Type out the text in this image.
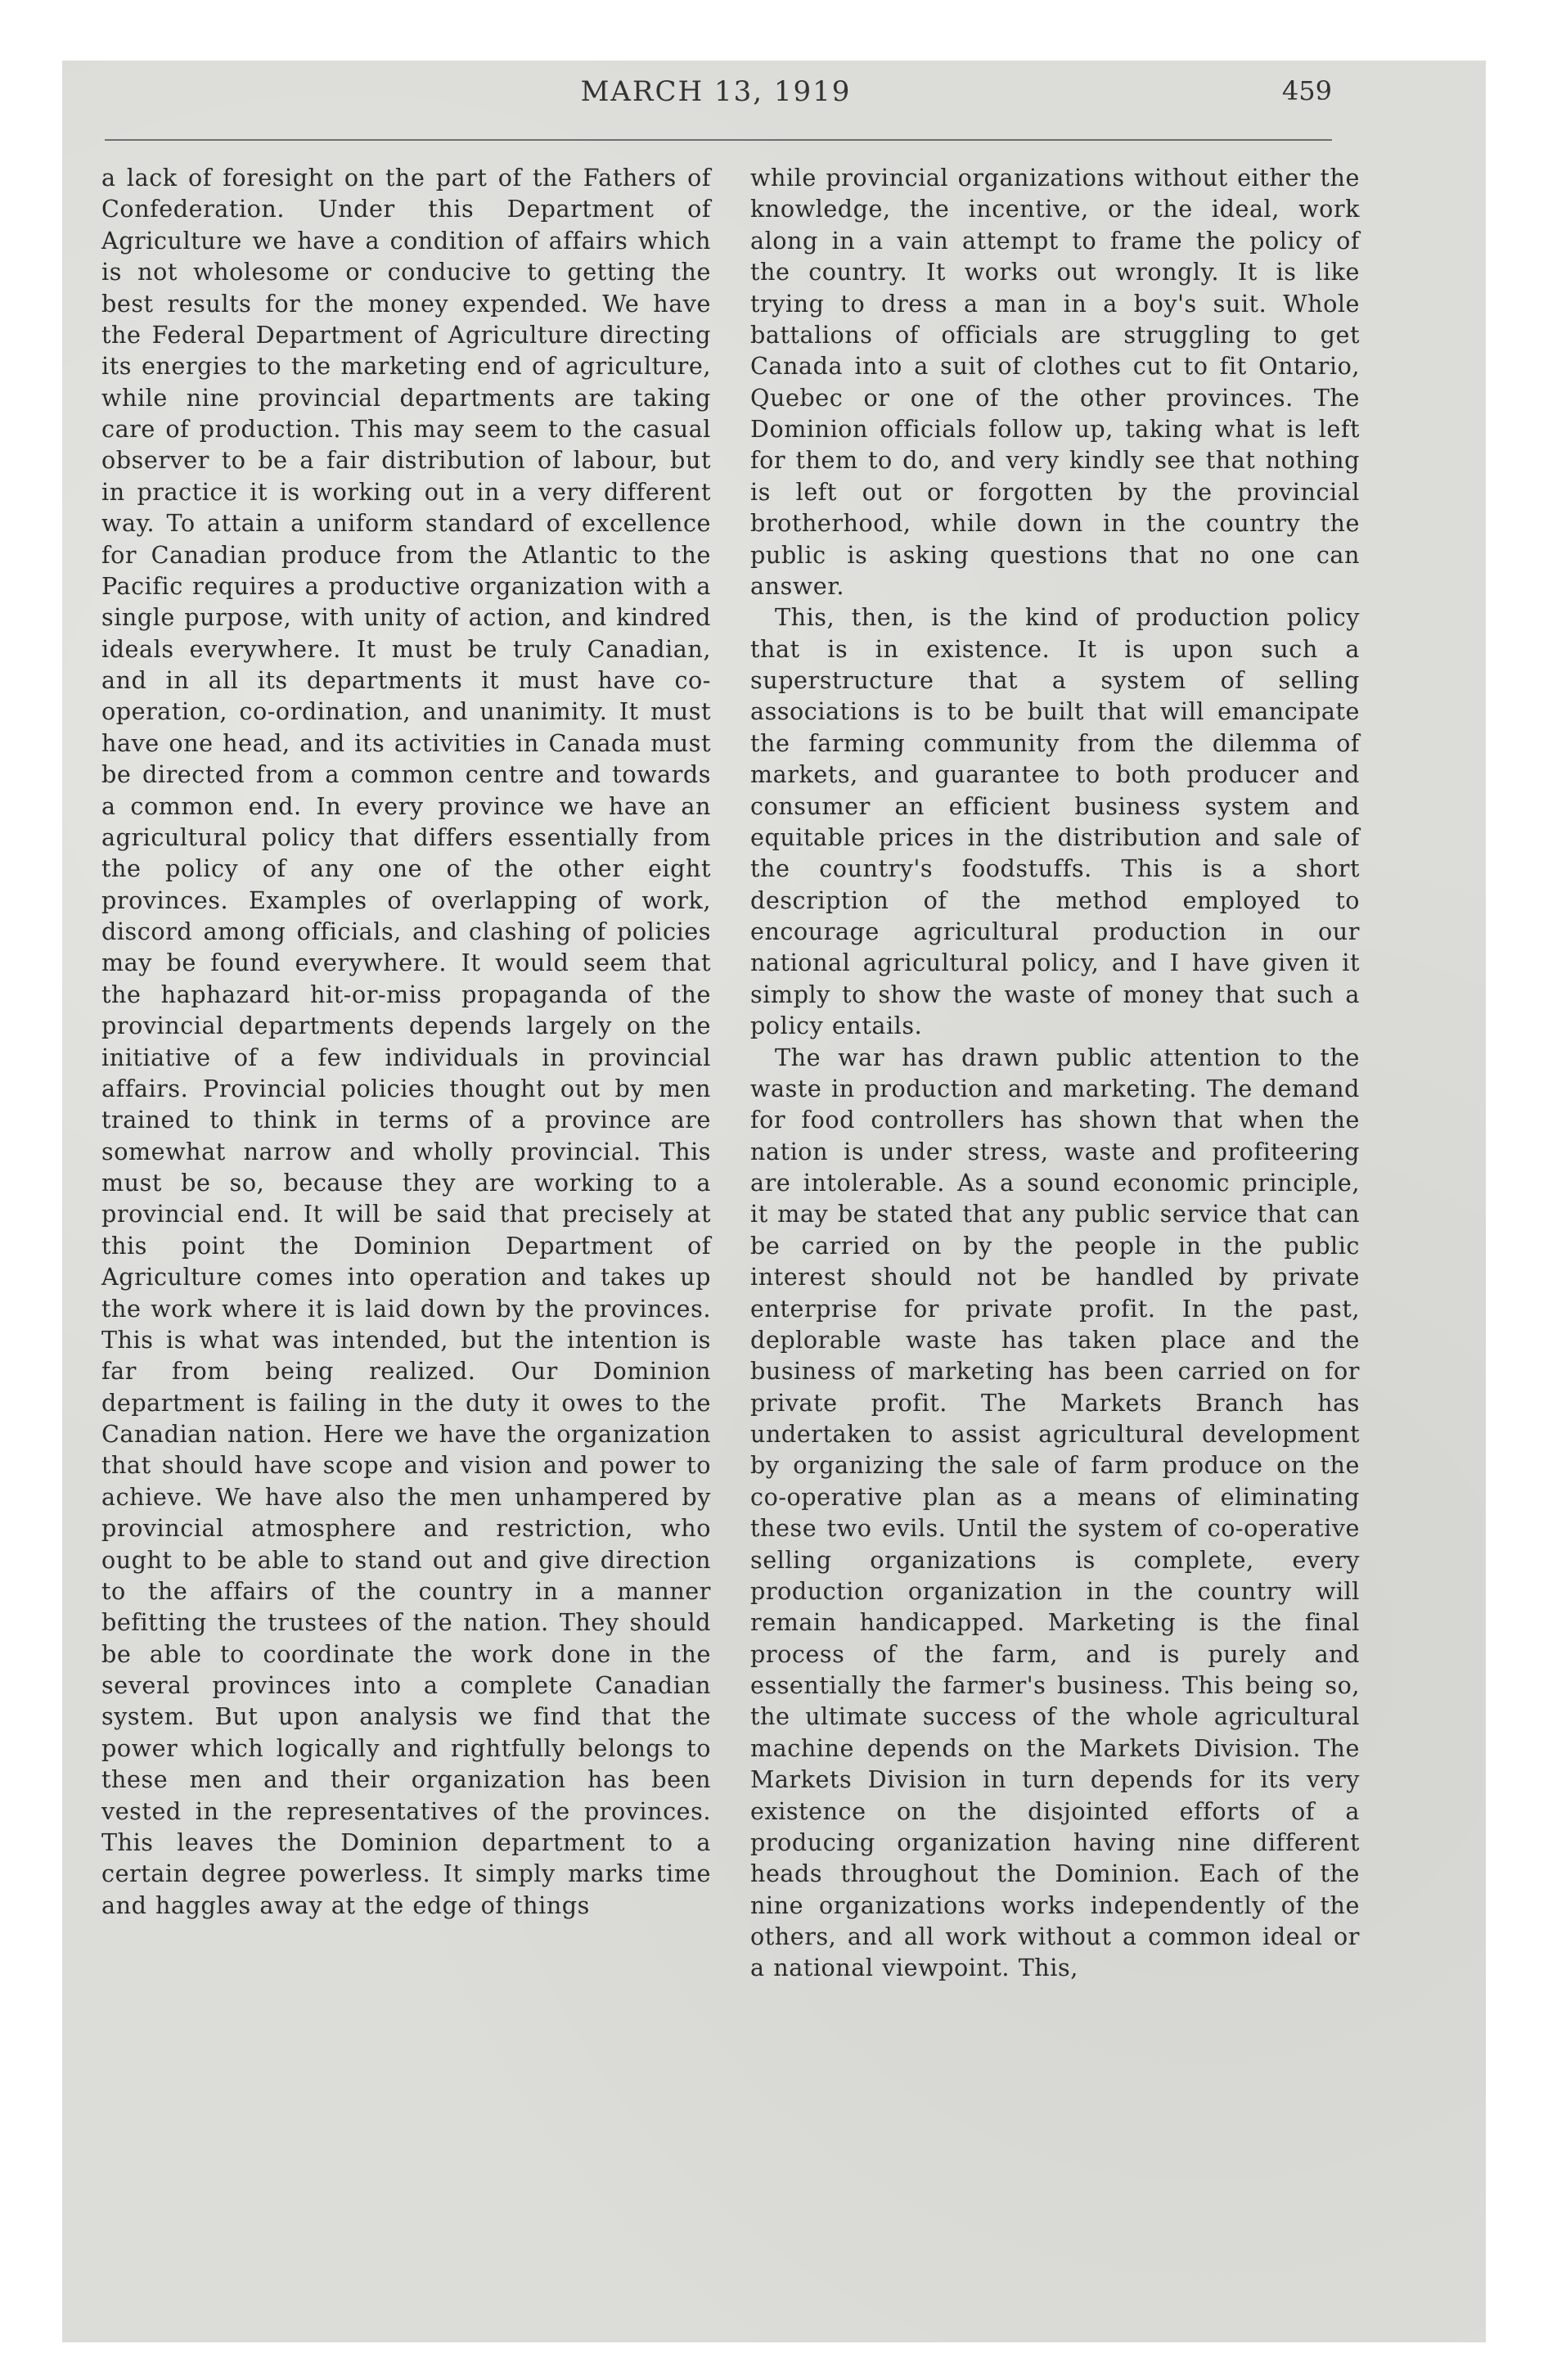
MARCH 13, 1919	459

a lack of foresight on the part of the Fathers of Confederation. Under this Department of Agriculture we have a condition of affairs which is not wholesome or conducive to getting the best results for the money expended. We have the Federal Department of Agriculture directing its energies to the marketing end of agriculture, while nine provincial departments are taking care of production. This may seem to the casual observer to be a fair distribution of labour, but in practice it is working out in a very different way. To attain a uniform standard of excellence for Canadian produce from the Atlantic to the Pacific requires a productive organization with a single purpose, with unity of action, and kindred ideals everywhere. It must be truly Canadian, and in all its departments it must have co-operation, co-ordination, and unanimity. It must have one head, and its activities in Canada must be directed from a common centre and towards a common end. In every province we have an agricultural policy that differs essentially from the policy of any one of the other eight provinces. Examples of overlapping of work, discord among officials, and clashing of policies may be found everywhere. It would seem that the haphazard hit-or-miss propaganda of the provincial departments depends largely on the initiative of a few individuals in provincial affairs. Provincial policies thought out by men trained to think in terms of a province are somewhat narrow and wholly provincial. This must be so, because they are working to a provincial end. It will be said that precisely at this point the Dominion Department of Agriculture comes into operation and takes up the work where it is laid down by the provinces. This is what was intended, but the intention is far from being realized. Our Dominion department is failing in the duty it owes to the Canadian nation. Here we have the organization that should have scope and vision and power to achieve. We have also the men unhampered by provincial atmosphere and restriction, who ought to be able to stand out and give direction to the affairs of the country in a manner befitting the trustees of the nation. They should be able to coordinate the work done in the several provinces into a complete Canadian system. But upon analysis we find that the power which logically and rightfully belongs to these men and their organization has been vested in the representatives of the provinces. This leaves the Dominion department to a certain degree powerless. It simply marks time and haggles away at the edge of things

while provincial organizations without either the knowledge, the incentive, or the ideal, work along in a vain attempt to frame the policy of the country. It works out wrongly. It is like trying to dress a man in a boy's suit. Whole battalions of officials are struggling to get Canada into a suit of clothes cut to fit Ontario, Quebec or one of the other provinces. The Dominion officials follow up, taking what is left for them to do, and very kindly see that nothing is left out or forgotten by the provincial brotherhood, while down in the country the public is asking questions that no one can answer.

This, then, is the kind of production policy that is in existence. It is upon such a superstructure that a system of selling associations is to be built that will emancipate the farming community from the dilemma of markets, and guarantee to both producer and consumer an efficient business system and equitable prices in the distribution and sale of the country's foodstuffs. This is a short description of the method employed to encourage agricultural production in our national agricultural policy, and I have given it simply to show the waste of money that such a policy entails.

The war has drawn public attention to the waste in production and marketing. The demand for food controllers has shown that when the nation is under stress, waste and profiteering are intolerable. As a sound economic principle, it may be stated that any public service that can be carried on by the people in the public interest should not be handled by private enterprise for private profit. In the past, deplorable waste has taken place and the business of marketing has been carried on for private profit. The Markets Branch has undertaken to assist agricultural development by organizing the sale of farm produce on the co-operative plan as a means of eliminating these two evils. Until the system of co-operative selling organizations is complete, every production organization in the country will remain handicapped. Marketing is the final process of the farm, and is purely and essentially the farmer's business. This being so, the ultimate success of the whole agricultural machine depends on the Markets Division. The Markets Division in turn depends for its very existence on the disjointed efforts of a producing organization having nine different heads throughout the Dominion. Each of the nine organizations works independently of the others, and all work without a common ideal or a national viewpoint. This,
